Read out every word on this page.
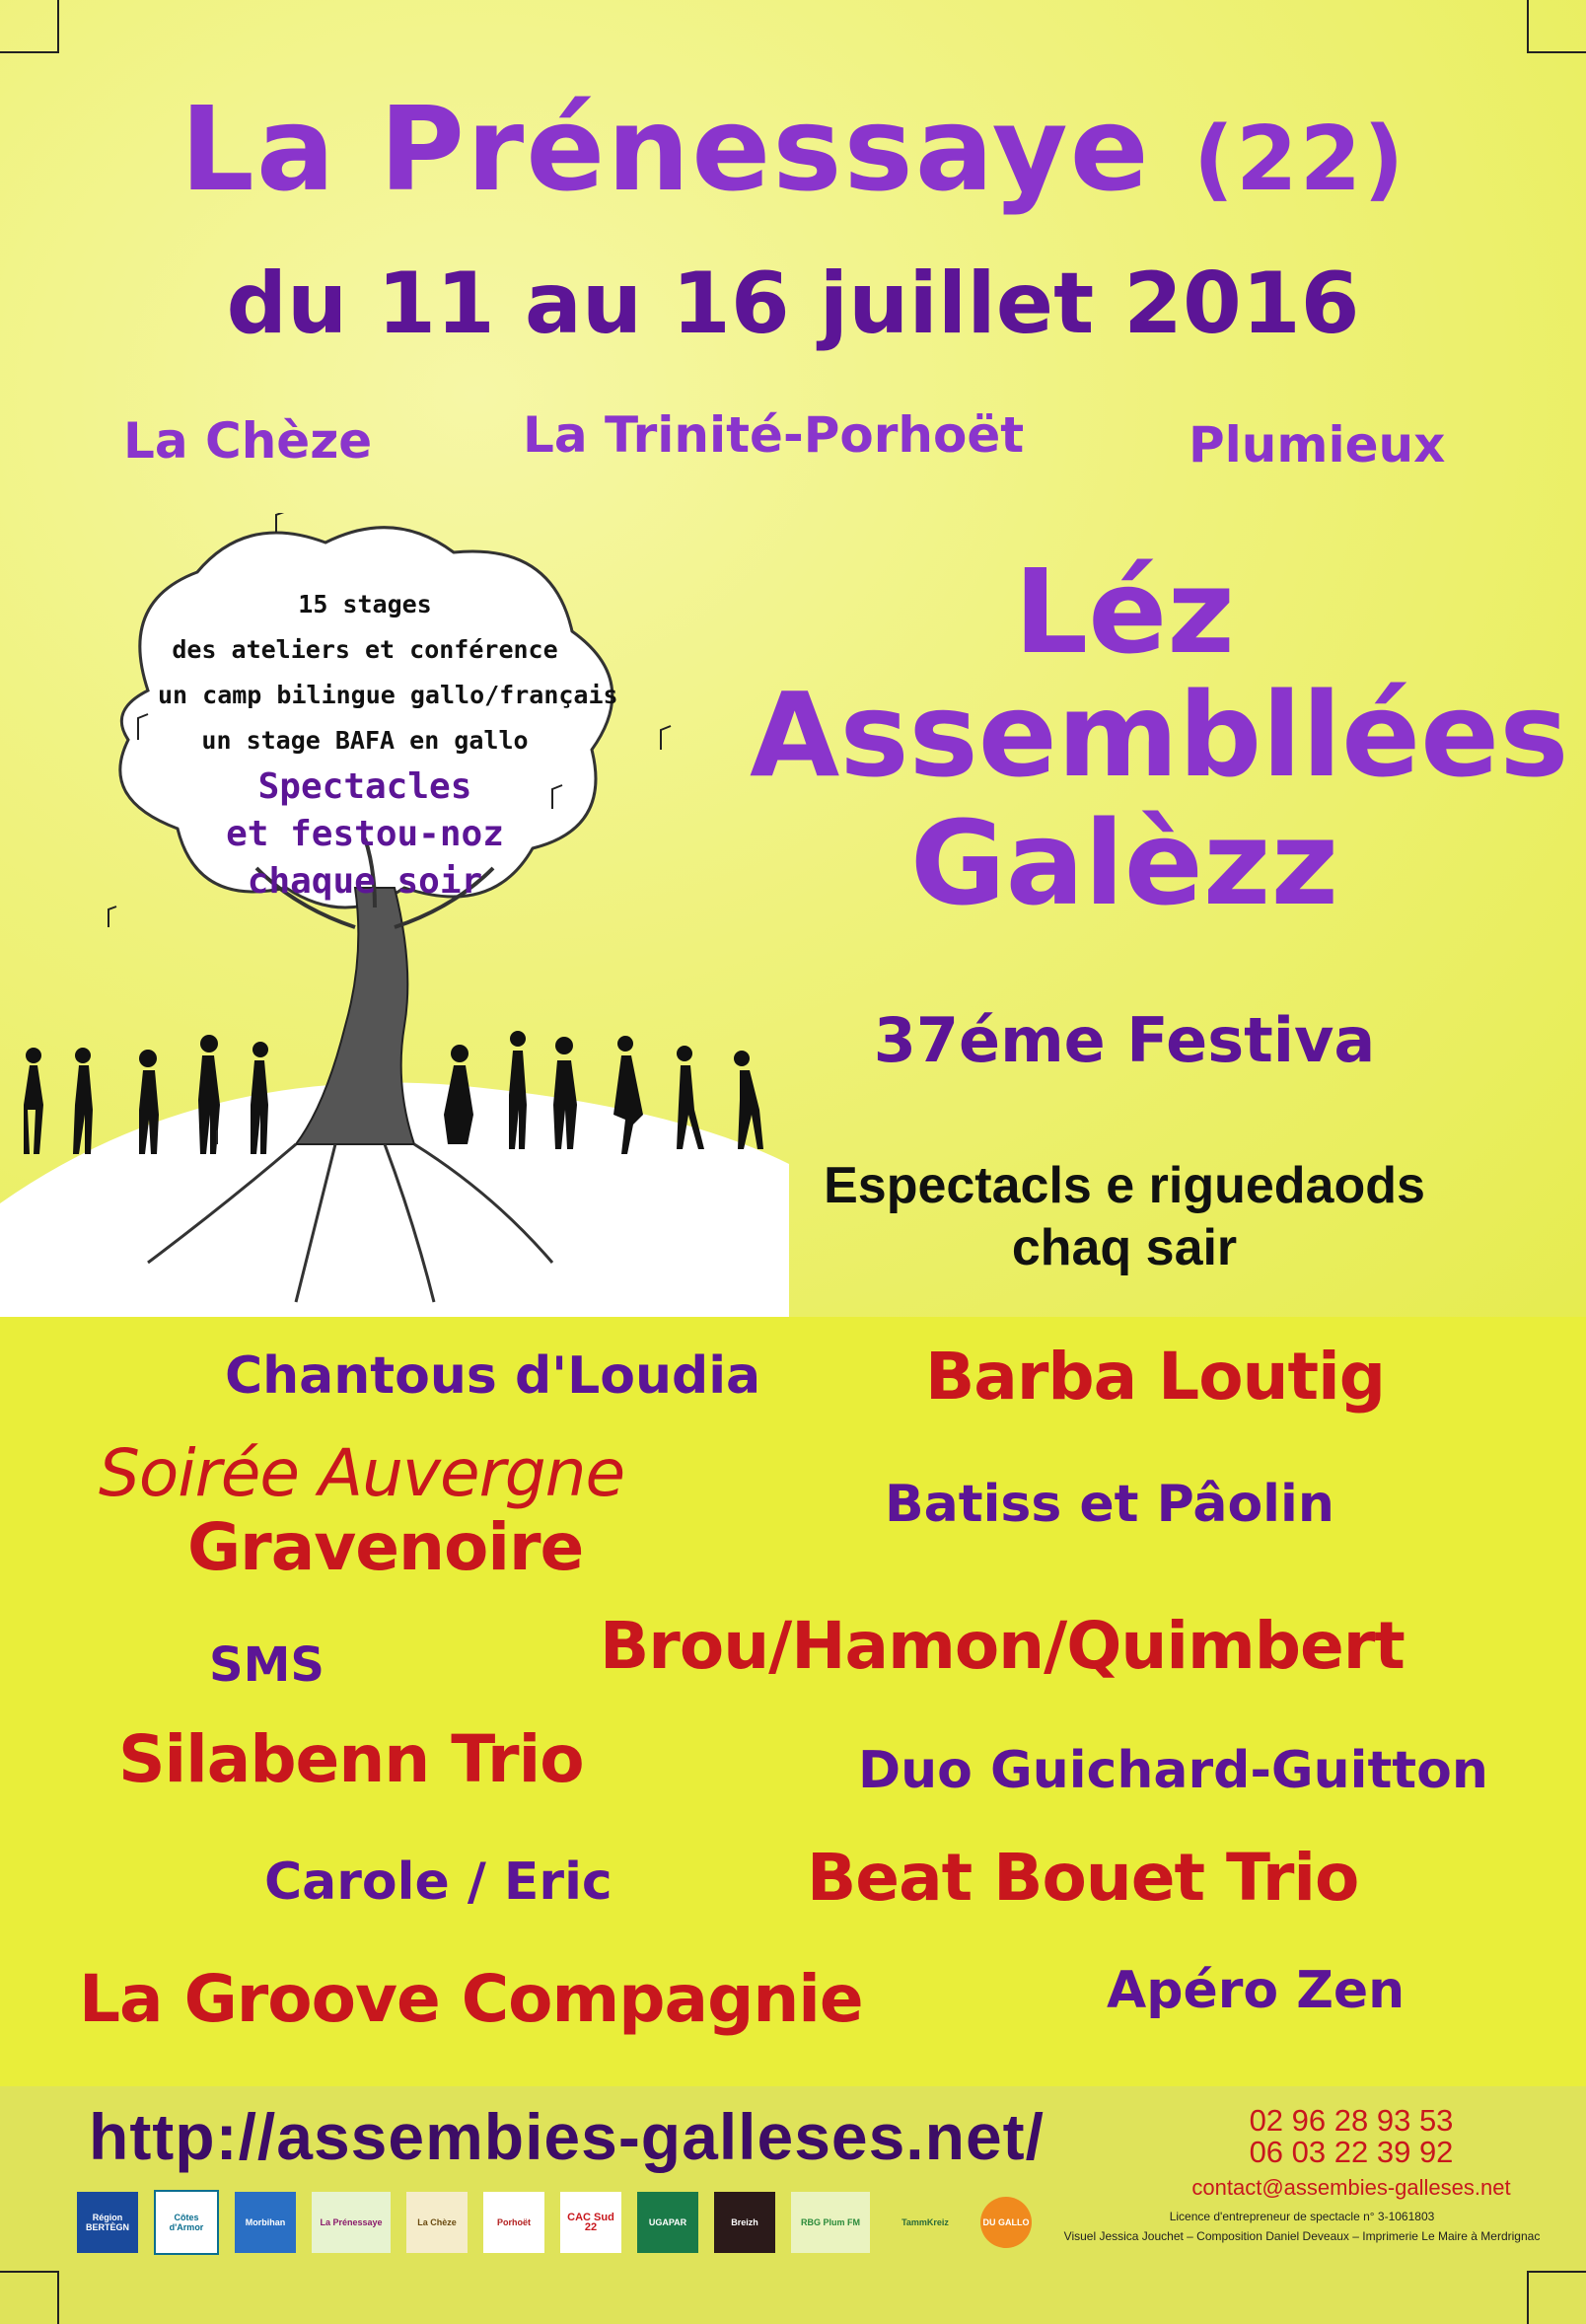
La Prénessaye (22)
du 11 au 16 juillet 2016
La Chèze	La Trinité-Porhoët	Plumieux
15 stages
des ateliers et conférence
un camp bilingue gallo/français
un stage BAFA en gallo
Spectacles
et festou-noz
chaque soir
Léz
Assembllées
Galèzz
37éme Festiva
Espectacls e riguedaods
chaq sair
Chantous d'Loudia	Barba Loutig
Soirée Auvergne
Gravenoire
Batiss et Pâolin
SMS	Brou/Hamon/Quimbert
Silabenn Trio	Duo Guichard-Guitton
Carole / Eric	Beat Bouet Trio
La Groove Compagnie	Apéro Zen
http://assembies-galleses.net/	02 96 28 93 53
06 03 22 39 92
contact@assembies-galleses.net
Licence d'entrepreneur de spectacle n° 3-1061803
Visuel Jessica Jouchet – Composition Daniel Deveaux – Imprimerie Le Maire à Merdrignac
Région BERTÈGN
Côtes d'Armor	Morbihan	La Prénessaye	La Chèze	Porhoët	CAC Sud 22	UGAPAR	Breizh	RBG Plum FM	TammKreiz	DU GALLO
